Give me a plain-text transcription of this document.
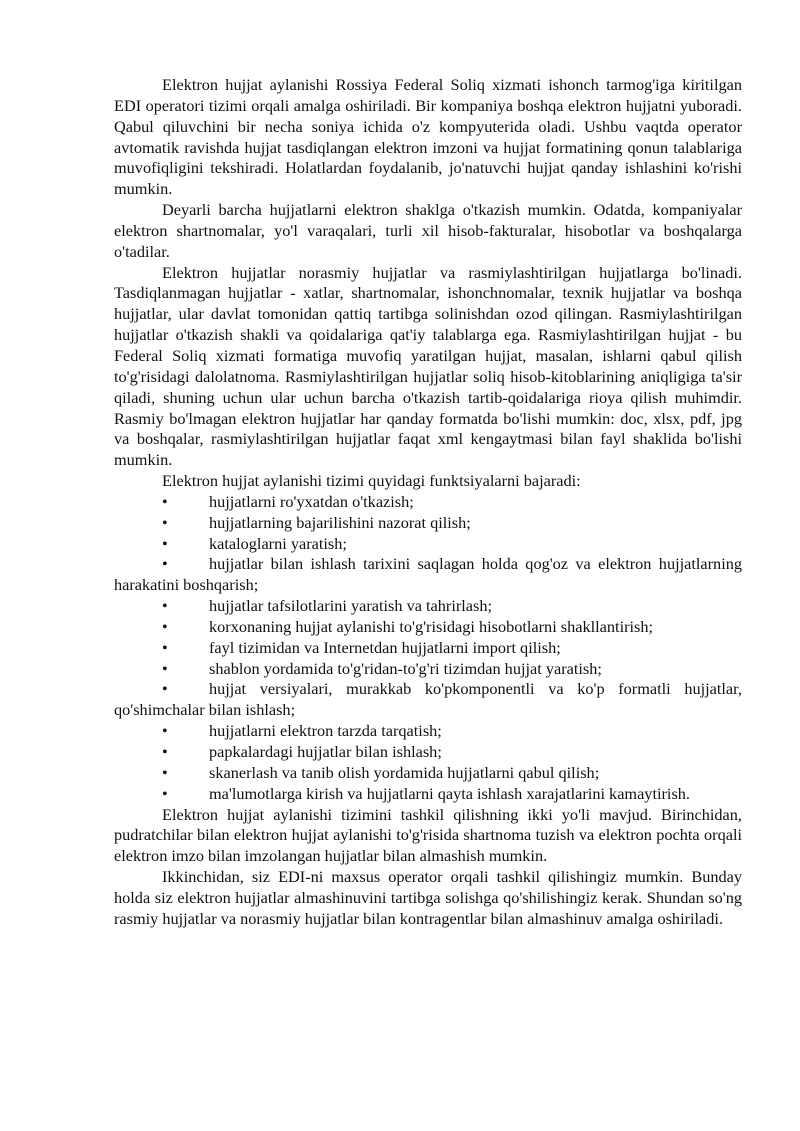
Elektron hujjat aylanishi Rossiya Federal Soliq xizmati ishonch tarmog'iga kiritilgan EDI operatori tizimi orqali amalga oshiriladi. Bir kompaniya boshqa elektron hujjatni yuboradi. Qabul qiluvchini bir necha soniya ichida o'z kompyuterida oladi. Ushbu vaqtda operator avtomatik ravishda hujjat tasdiqlangan elektron imzoni va hujjat formatining qonun talablariga muvofiqligini tekshiradi. Holatlardan foydalanib, jo'natuvchi hujjat qanday ishlashini ko'rishi mumkin.

Deyarli barcha hujjatlarni elektron shaklga o'tkazish mumkin. Odatda, kompaniyalar elektron shartnomalar, yo'l varaqalari, turli xil hisob-fakturalar, hisobotlar va boshqalarga o'tadilar.

Elektron hujjatlar norasmiy hujjatlar va rasmiylashtirilgan hujjatlarga bo'linadi. Tasdiqlanmagan hujjatlar - xatlar, shartnomalar, ishonchnomalar, texnik hujjatlar va boshqa hujjatlar, ular davlat tomonidan qattiq tartibga solinishdan ozod qilingan. Rasmiylashtirilgan hujjatlar o'tkazish shakli va qoidalariga qat'iy talablarga ega. Rasmiylashtirilgan hujjat - bu Federal Soliq xizmati formatiga muvofiq yaratilgan hujjat, masalan, ishlarni qabul qilish to'g'risidagi dalolatnoma. Rasmiylashtirilgan hujjatlar soliq hisob-kitoblarining aniqligiga ta'sir qiladi, shuning uchun ular uchun barcha o'tkazish tartib-qoidalariga rioya qilish muhimdir. Rasmiy bo'lmagan elektron hujjatlar har qanday formatda bo'lishi mumkin: doc, xlsx, pdf, jpg va boshqalar, rasmiylashtirilgan hujjatlar faqat xml kengaytmasi bilan fayl shaklida bo'lishi mumkin.

Elektron hujjat aylanishi tizimi quyidagi funktsiyalarni bajaradi:

•	hujjatlarni ro'yxatdan o'tkazish;

•	hujjatlarning bajarilishini nazorat qilish;

•	kataloglarni yaratish;

•	hujjatlar bilan ishlash tarixini saqlagan holda qog'oz va elektron hujjatlarning harakatini boshqarish;

•	hujjatlar tafsilotlarini yaratish va tahrirlash;

•	korxonaning hujjat aylanishi to'g'risidagi hisobotlarni shakllantirish;

•	fayl tizimidan va Internetdan hujjatlarni import qilish;

•	shablon yordamida to'g'ridan-to'g'ri tizimdan hujjat yaratish;

•	hujjat versiyalari, murakkab ko'pkomponentli va ko'p formatli hujjatlar, qo'shimchalar bilan ishlash;

•	hujjatlarni elektron tarzda tarqatish;

•	papkalardagi hujjatlar bilan ishlash;

•	skanerlash va tanib olish yordamida hujjatlarni qabul qilish;

•	ma'lumotlarga kirish va hujjatlarni qayta ishlash xarajatlarini kamaytirish.

Elektron hujjat aylanishi tizimini tashkil qilishning ikki yo'li mavjud. Birinchidan, pudratchilar bilan elektron hujjat aylanishi to'g'risida shartnoma tuzish va elektron pochta orqali elektron imzo bilan imzolangan hujjatlar bilan almashish mumkin.

Ikkinchidan, siz EDI-ni maxsus operator orqali tashkil qilishingiz mumkin. Bunday holda siz elektron hujjatlar almashinuvini tartibga solishga qo'shilishingiz kerak. Shundan so'ng rasmiy hujjatlar va norasmiy hujjatlar bilan kontragentlar bilan almashinuv amalga oshiriladi.
